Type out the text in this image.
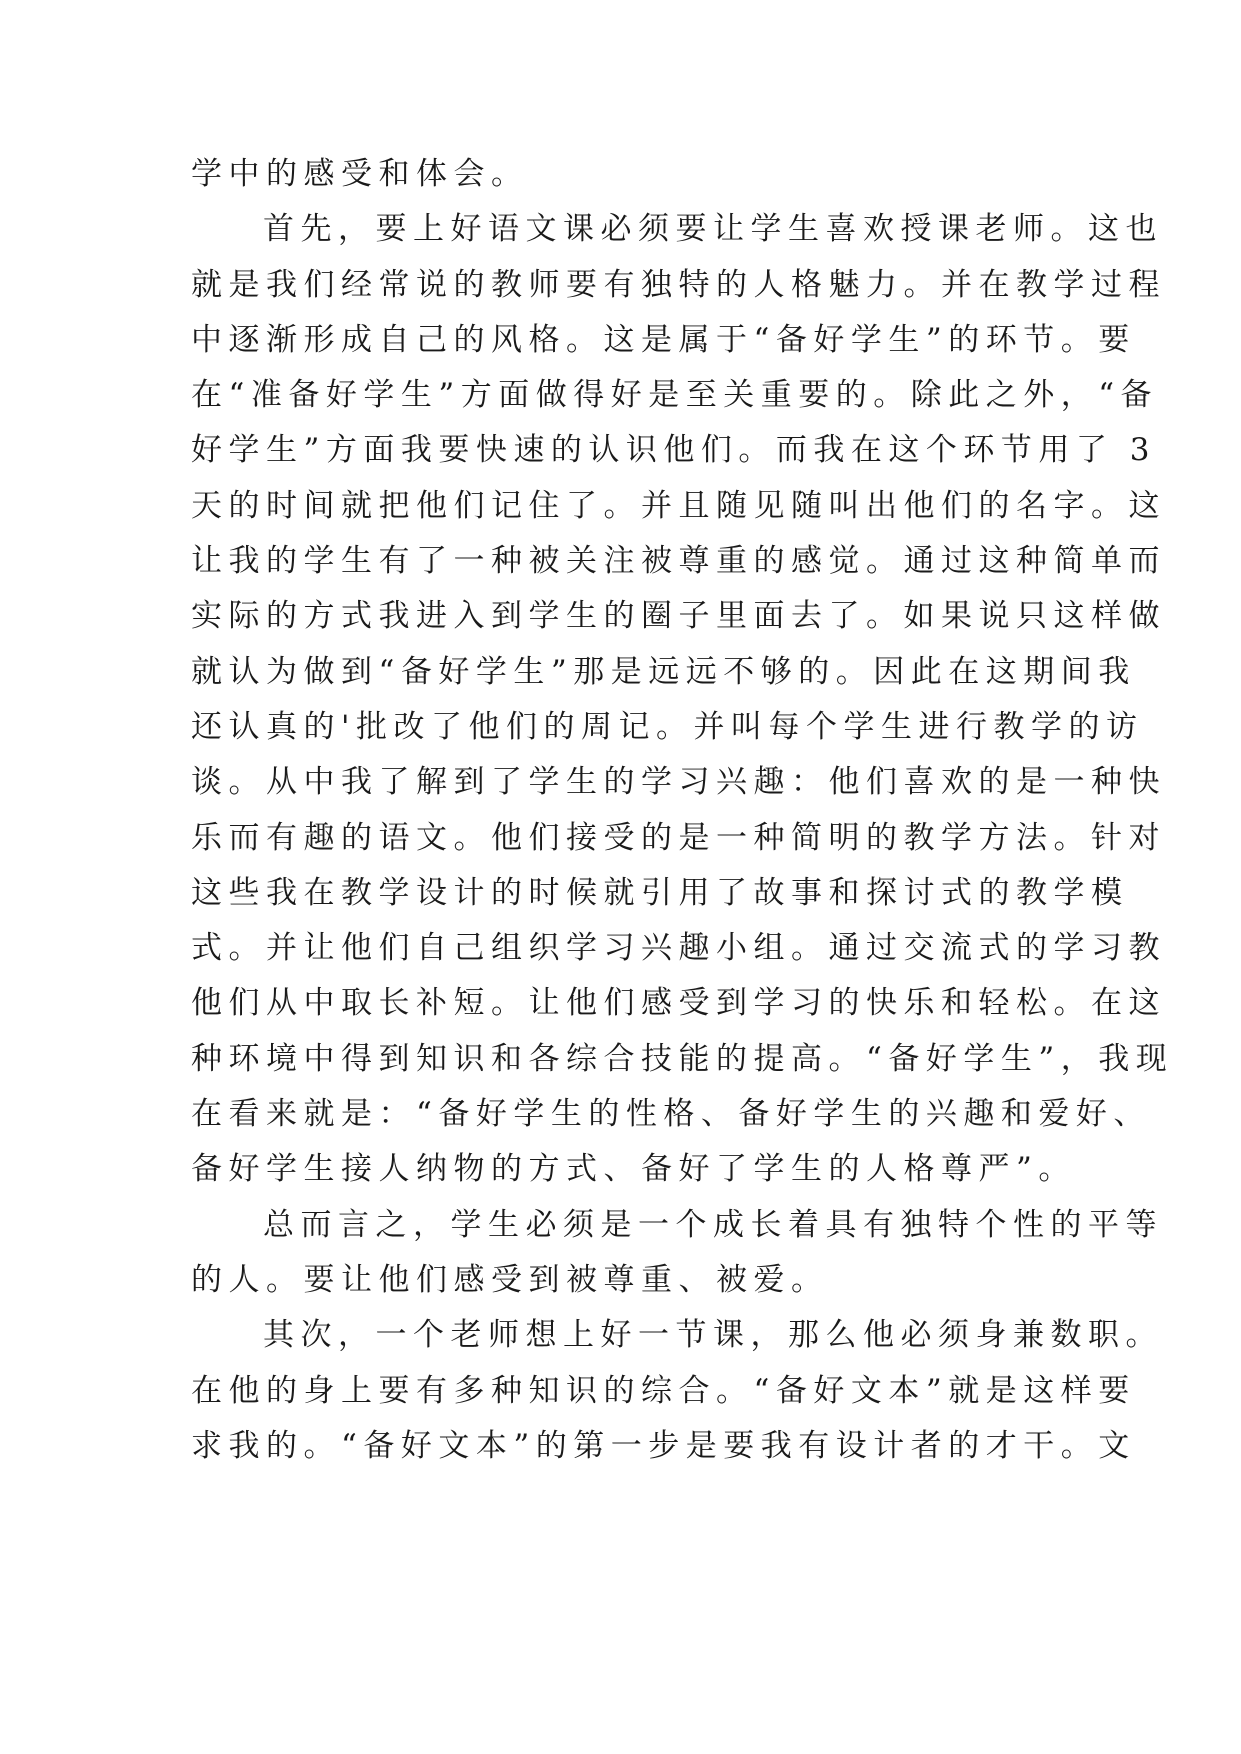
学中的感受和体会。
首先，要上好语文课必须要让学生喜欢授课老师。这也
就是我们经常说的教师要有独特的人格魅力。并在教学过程
中逐渐形成自己的风格。这是属于“备好学生”的环节。要
在“准备好学生”方面做得好是至关重要的。除此之外，“备
好学生”方面我要快速的认识他们。而我在这个环节用了 3
天的时间就把他们记住了。并且随见随叫出他们的名字。这
让我的学生有了一种被关注被尊重的感觉。通过这种简单而
实际的方式我进入到学生的圈子里面去了。如果说只这样做
就认为做到“备好学生”那是远远不够的。因此在这期间我
还认真的'批改了他们的周记。并叫每个学生进行教学的访
谈。从中我了解到了学生的学习兴趣：他们喜欢的是一种快
乐而有趣的语文。他们接受的是一种简明的教学方法。针对
这些我在教学设计的时候就引用了故事和探讨式的教学模
式。并让他们自己组织学习兴趣小组。通过交流式的学习教
他们从中取长补短。让他们感受到学习的快乐和轻松。在这
种环境中得到知识和各综合技能的提高。“备好学生”，我现
在看来就是：“备好学生的性格、备好学生的兴趣和爱好、
备好学生接人纳物的方式、备好了学生的人格尊严”。
总而言之，学生必须是一个成长着具有独特个性的平等
的人。要让他们感受到被尊重、被爱。
其次，一个老师想上好一节课，那么他必须身兼数职。
在他的身上要有多种知识的综合。“备好文本”就是这样要
求我的。“备好文本”的第一步是要我有设计者的才干。文
